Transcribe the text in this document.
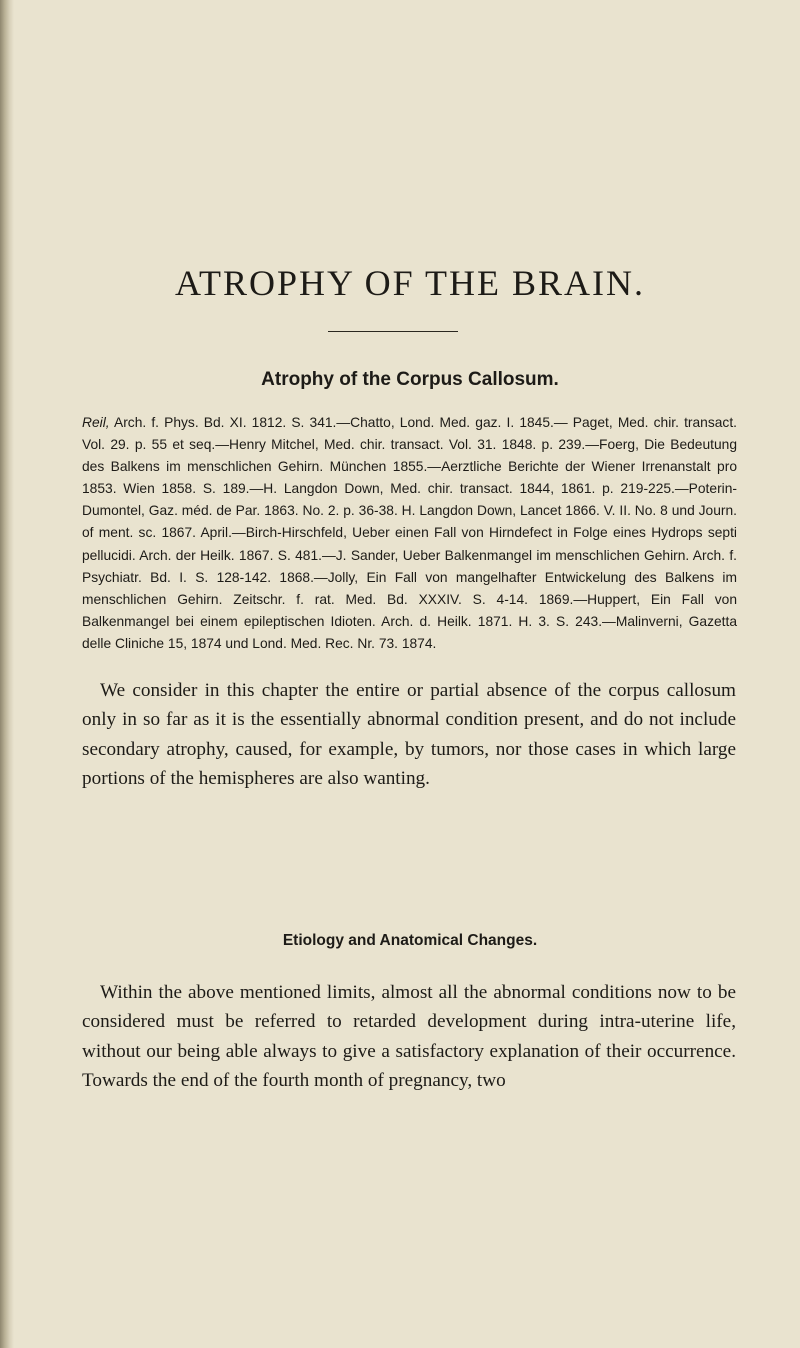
ATROPHY OF THE BRAIN.
Atrophy of the Corpus Callosum.

Reil, Arch. f. Phys. Bd. XI. 1812. S. 341.—Chatto, Lond. Med. gaz. I. 1845.— Paget, Med. chir. transact. Vol. 29. p. 55 et seq.—Henry Mitchel, Med. chir. transact. Vol. 31. 1848. p. 239.—Foerg, Die Bedeutung des Balkens im menschlichen Gehirn. München 1855.—Aerztliche Berichte der Wiener Irrenanstalt pro 1853. Wien 1858. S. 189.—H. Langdon Down, Med. chir. transact. 1844, 1861. p. 219-225.—Poterin-Dumontel, Gaz. méd. de Par. 1863. No. 2. p. 36-38. H. Langdon Down, Lancet 1866. V. II. No. 8 und Journ. of ment. sc. 1867. April.—Birch-Hirschfeld, Ueber einen Fall von Hirndefect in Folge eines Hydrops septi pellucidi. Arch. der Heilk. 1867. S. 481.—J. Sander, Ueber Balkenmangel im menschlichen Gehirn. Arch. f. Psychiatr. Bd. I. S. 128-142. 1868.—Jolly, Ein Fall von mangelhafter Entwickelung des Balkens im menschlichen Gehirn. Zeitschr. f. rat. Med. Bd. XXXIV. S. 4-14. 1869.—Huppert, Ein Fall von Balkenmangel bei einem epileptischen Idioten. Arch. d. Heilk. 1871. H. 3. S. 243.—Malinverni, Gazetta delle Cliniche 15, 1874 und Lond. Med. Rec. Nr. 73. 1874.

We consider in this chapter the entire or partial absence of the corpus callosum only in so far as it is the essentially abnormal condition present, and do not include secondary atrophy, caused, for example, by tumors, nor those cases in which large portions of the hemispheres are also wanting.

Etiology and Anatomical Changes.

Within the above mentioned limits, almost all the abnormal conditions now to be considered must be referred to retarded development during intra-uterine life, without our being able always to give a satisfactory explanation of their occurrence. Towards the end of the fourth month of pregnancy, two
